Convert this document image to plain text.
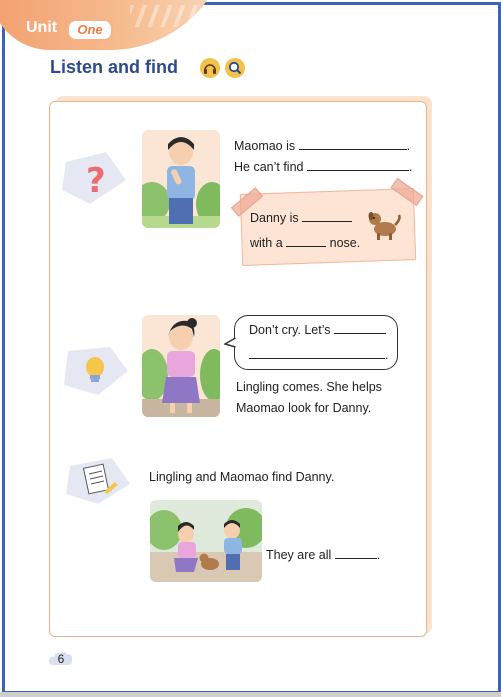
Unit	One
Listen and find
?
Maomao is	.
He can’t find	.
Danny is
with a	nose.
Don’t cry. Let’s
.
Lingling comes. She helps
Maomao look for Danny.
Lingling and Maomao find Danny.
They are all	.
6
